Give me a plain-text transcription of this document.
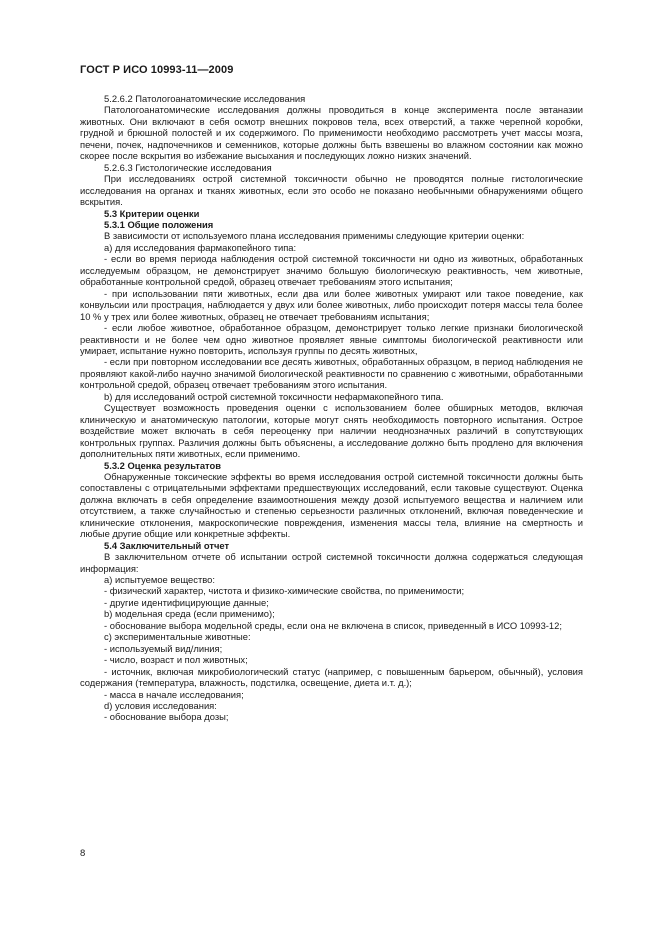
ГОСТ Р ИСО 10993-11—2009

5.2.6.2 Патологоанатомические исследования

Патологоанатомические исследования должны проводиться в конце эксперимента после эвтаназии животных. Они включают в себя осмотр внешних покровов тела, всех отверстий, а также черепной коробки, грудной и брюшной полостей и их содержимого. По применимости необходимо рассмотреть учет массы мозга, печени, почек, надпочечников и семенников, которые должны быть взвешены во влажном состоянии как можно скорее после вскрытия во избежание высыхания и последующих ложно низких значений.

5.2.6.3 Гистологические исследования

При исследованиях острой системной токсичности обычно не проводятся полные гистологические исследования на органах и тканях животных, если это особо не показано необычными обнаружениями общего вскрытия.

5.3 Критерии оценки

5.3.1 Общие положения

В зависимости от используемого плана исследования применимы следующие критерии оценки:

а) для исследования фармакопейного типа:

- если во время периода наблюдения острой системной токсичности ни одно из животных, обработанных исследуемым образцом, не демонстрирует значимо большую биологическую реактивность, чем животные, обработанные контрольной средой, образец отвечает требованиям этого испытания;

- при использовании пяти животных, если два или более животных умирают или такое поведение, как конвульсии или прострация, наблюдается у двух или более животных, либо происходит потеря массы тела более 10 % у трех или более животных, образец не отвечает требованиям испытания;

- если любое животное, обработанное образцом, демонстрирует только легкие признаки биологической реактивности и не более чем одно животное проявляет явные симптомы биологической реактивности или умирает, испытание нужно повторить, используя группы по десять животных,

- если при повторном исследовании все десять животных, обработанных образцом, в период наблюдения не проявляют какой-либо научно значимой биологической реактивности по сравнению с животными, обработанными контрольной средой, образец отвечает требованиям этого испытания.

b) для исследований острой системной токсичности нефармакопейного типа.

Существует возможность проведения оценки с использованием более обширных методов, включая клиническую и анатомическую патологии, которые могут снять необходимость повторного испытания. Острое воздействие может включать в себя переоценку при наличии неоднозначных различий в сопутствующих контрольных группах. Различия должны быть объяснены, а исследование должно быть продлено для включения дополнительных пяти животных, если применимо.

5.3.2 Оценка результатов

Обнаруженные токсические эффекты во время исследования острой системной токсичности должны быть сопоставлены с отрицательными эффектами предшествующих исследований, если таковые существуют. Оценка должна включать в себя определение взаимоотношения между дозой испытуемого вещества и наличием или отсутствием, а также случайностью и степенью серьезности различных отклонений, включая поведенческие и клинические отклонения, макроскопические повреждения, изменения массы тела, влияние на смертность и любые другие общие или конкретные эффекты.

5.4 Заключительный отчет

В заключительном отчете об испытании острой системной токсичности должна содержаться следующая информация:

а) испытуемое вещество:

- физический характер, чистота и физико-химические свойства, по применимости;

- другие идентифицирующие данные;

b) модельная среда (если применимо);

- обоснование выбора модельной среды, если она не включена в список, приведенный в ИСО 10993-12;

с) экспериментальные животные:

- используемый вид/линия;

- число, возраст и пол животных;

- источник, включая микробиологический статус (например, с повышенным барьером, обычный), условия содержания (температура, влажность, подстилка, освещение, диета и.т. д.);

- масса в начале исследования;

d) условия исследования:

- обоснование выбора дозы;

8
